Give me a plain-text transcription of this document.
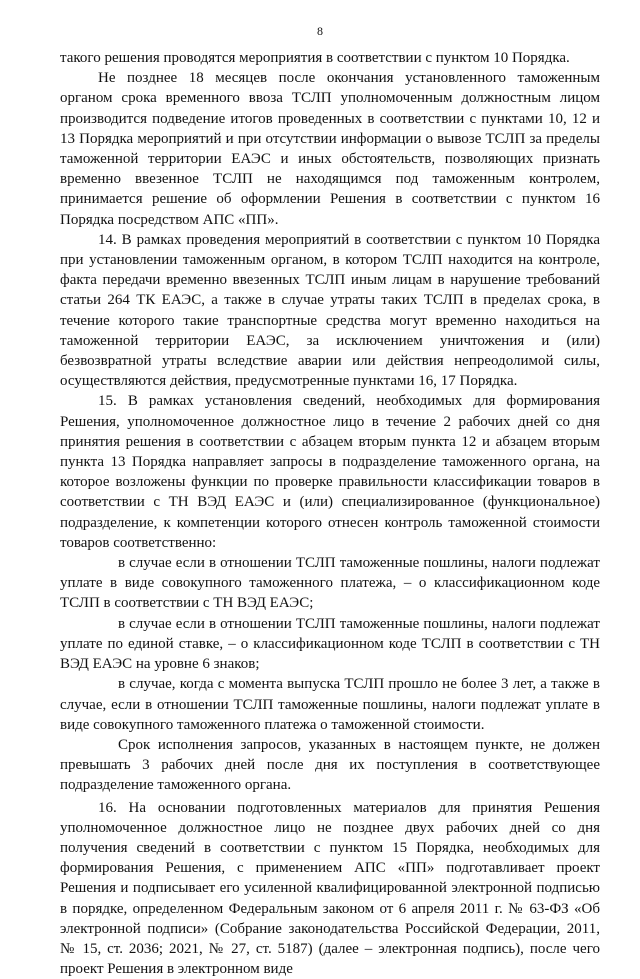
8

такого решения проводятся мероприятия в соответствии с пунктом 10 Порядка.

Не позднее 18 месяцев после окончания установленного таможенным органом срока временного ввоза ТСЛП уполномоченным должностным лицом производится подведение итогов проведенных в соответствии с пунктами 10, 12 и 13 Порядка мероприятий и при отсутствии информации о вывозе ТСЛП за пределы таможенной территории ЕАЭС и иных обстоятельств, позволяющих признать временно ввезенное ТСЛП не находящимся под таможенным контролем, принимается решение об оформлении Решения в соответствии с пунктом 16 Порядка посредством АПС «ПП».

14. В рамках проведения мероприятий в соответствии с пунктом 10 Порядка при установлении таможенным органом, в котором ТСЛП находится на контроле, факта передачи временно ввезенных ТСЛП иным лицам в нарушение требований статьи 264 ТК ЕАЭС, а также в случае утраты таких ТСЛП в пределах срока, в течение которого такие транспортные средства могут временно находиться на таможенной территории ЕАЭС, за исключением уничтожения и (или) безвозвратной утраты вследствие аварии или действия непреодолимой силы, осуществляются действия, предусмотренные пунктами 16, 17 Порядка.

15. В рамках установления сведений, необходимых для формирования Решения, уполномоченное должностное лицо в течение 2 рабочих дней со дня принятия решения в соответствии с абзацем вторым пункта 12 и абзацем вторым пункта 13 Порядка направляет запросы в подразделение таможенного органа, на которое возложены функции по проверке правильности классификации товаров в соответствии с ТН ВЭД ЕАЭС и (или) специализированное (функциональное) подразделение, к компетенции которого отнесен контроль таможенной стоимости товаров соответственно:

в случае если в отношении ТСЛП таможенные пошлины, налоги подлежат уплате в виде совокупного таможенного платежа, – о классификационном коде ТСЛП в соответствии с ТН ВЭД ЕАЭС;

в случае если в отношении ТСЛП таможенные пошлины, налоги подлежат уплате по единой ставке, – о классификационном коде ТСЛП в соответствии с ТН ВЭД ЕАЭС на уровне 6 знаков;

в случае, когда с момента выпуска ТСЛП прошло не более 3 лет, а также в случае, если в отношении ТСЛП таможенные пошлины, налоги подлежат уплате в виде совокупного таможенного платежа о таможенной стоимости.

Срок исполнения запросов, указанных в настоящем пункте, не должен превышать 3 рабочих дней после дня их поступления в соответствующее подразделение таможенного органа.

16. На основании подготовленных материалов для принятия Решения уполномоченное должностное лицо не позднее двух рабочих дней со дня получения сведений в соответствии с пунктом 15 Порядка, необходимых для формирования Решения, с применением АПС «ПП» подготавливает проект Решения и подписывает его усиленной квалифицированной электронной подписью в порядке, определенном Федеральным законом от 6 апреля 2011 г. № 63-ФЗ «Об электронной подписи» (Собрание законодательства Российской Федерации, 2011, № 15, ст. 2036; 2021, № 27, ст. 5187) (далее – электронная подпись), после чего проект Решения в электронном виде
